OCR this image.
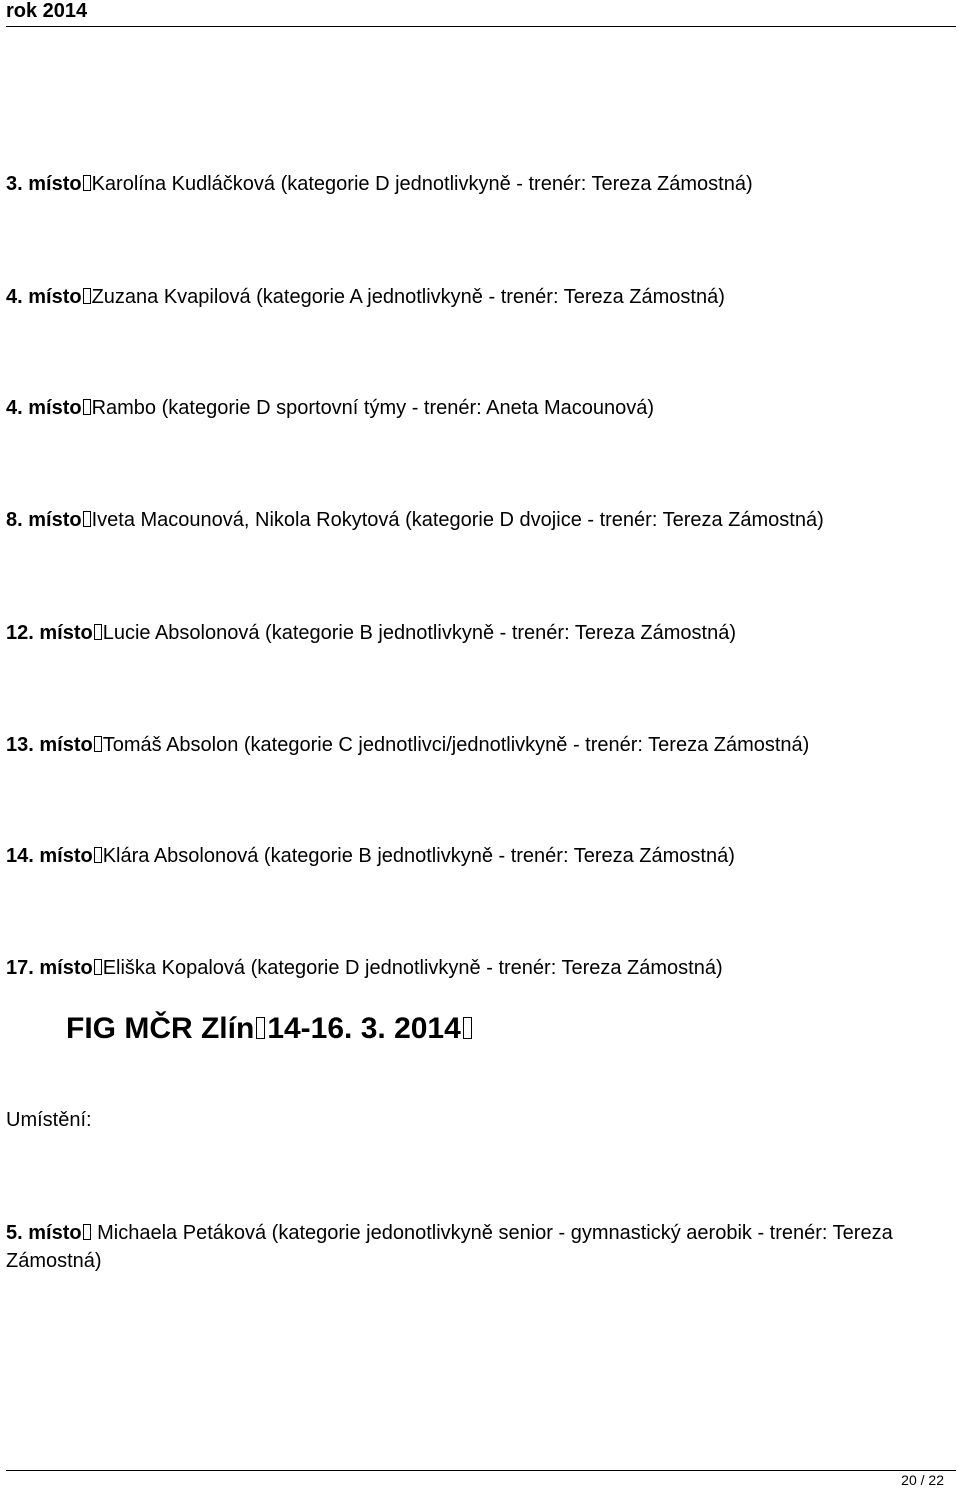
rok 2014
3. místo Karolína Kudláčková (kategorie D jednotlivkyně - trenér: Tereza Zámostná)
4. místo Zuzana Kvapilová (kategorie A jednotlivkyně - trenér: Tereza Zámostná)
4. místo Rambo (kategorie D sportovní týmy - trenér: Aneta Macounová)
8. místo Iveta Macounová, Nikola Rokytová (kategorie D dvojice - trenér: Tereza Zámostná)
12. místo Lucie Absolonová (kategorie B jednotlivkyně - trenér: Tereza Zámostná)
13. místo Tomáš Absolon (kategorie C jednotlivci/jednotlivkyně - trenér: Tereza Zámostná)
14. místo Klára Absolonová (kategorie B jednotlivkyně - trenér: Tereza Zámostná)
17. místo Eliška Kopalová (kategorie D jednotlivkyně - trenér: Tereza Zámostná)
FIG MČR Zlín 14-16. 3. 2014
Umístění:
5. místo Michaela Petáková (kategorie jedonotlivkyně senior - gymnastický aerobik - trenér: Tereza Zámostná)
20 / 22
